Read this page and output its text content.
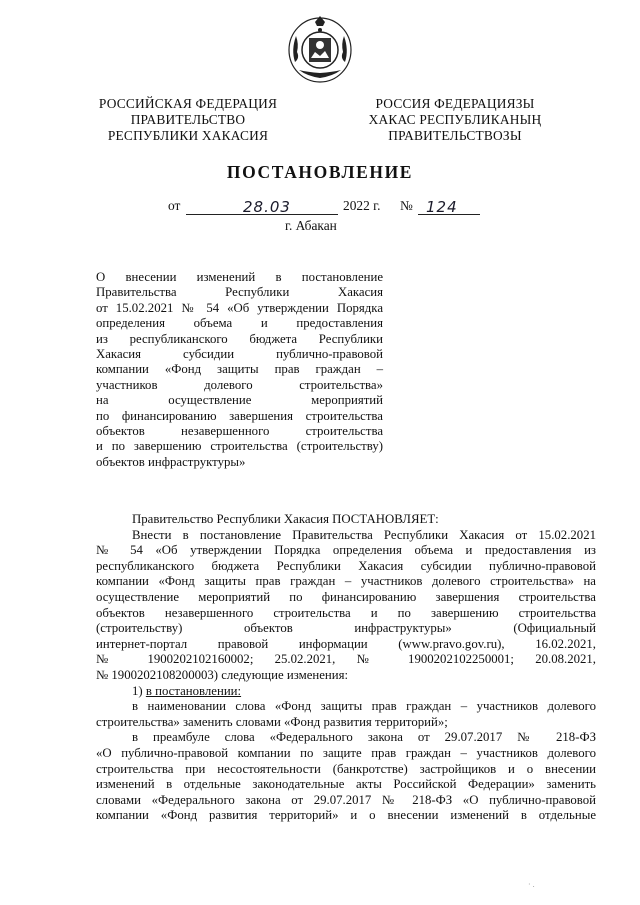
РОССИЙСКАЯ ФЕДЕРАЦИЯ
ПРАВИТЕЛЬСТВО
РЕСПУБЛИКИ ХАКАСИЯ
РОССИЯ ФЕДЕРАЦИЯЗЫ
ХАКАС РЕСПУБЛИКАНЫҢ
ПРАВИТЕЛЬСТВОЗЫ
ПОСТАНОВЛЕНИЕ
от	28.03	2022 г. № 124
г. Абакан
О внесении изменений в постановление
Правительства Республики Хакасия
от 15.02.2021 № 54 «Об утверждении Порядка
определения объема и предоставления
из республиканского бюджета Республики
Хакасия субсидии публично-правовой
компании «Фонд защиты прав граждан –
участников долевого строительства»
на осуществление мероприятий
по финансированию завершения строительства
объектов незавершенного строительства
и по завершению строительства (строительству)
объектов инфраструктуры»
Правительство Республики Хакасия ПОСТАНОВЛЯЕТ:
Внести в постановление Правительства Республики Хакасия от 15.02.2021
№ 54 «Об утверждении Порядка определения объема и предоставления из
республиканского бюджета Республики Хакасия субсидии публично-правовой
компании «Фонд защиты прав граждан – участников долевого строительства» на
осуществление мероприятий по финансированию завершения строительства
объектов незавершенного строительства и по завершению строительства
(строительству) объектов инфраструктуры» (Официальный
интернет-портал правовой информации (www.pravo.gov.ru), 16.02.2021,
№ 1900202102160002; 25.02.2021, № 1900202102250001; 20.08.2021,
№ 1900202108200003) следующие изменения:
1) в постановлении:
в наименовании слова «Фонд защиты прав граждан – участников долевого
строительства» заменить словами «Фонд развития территорий»;
в преамбуле слова «Федерального закона от 29.07.2017 № 218-ФЗ
«О публично-правовой компании по защите прав граждан – участников долевого
строительства при несостоятельности (банкротстве) застройщиков и о внесении
изменений в отдельные законодательные акты Российской Федерации» заменить
словами «Федерального закона от 29.07.2017 № 218-ФЗ «О публично-правовой
компании «Фонд развития территорий» и о внесении изменений в отдельные
· .
